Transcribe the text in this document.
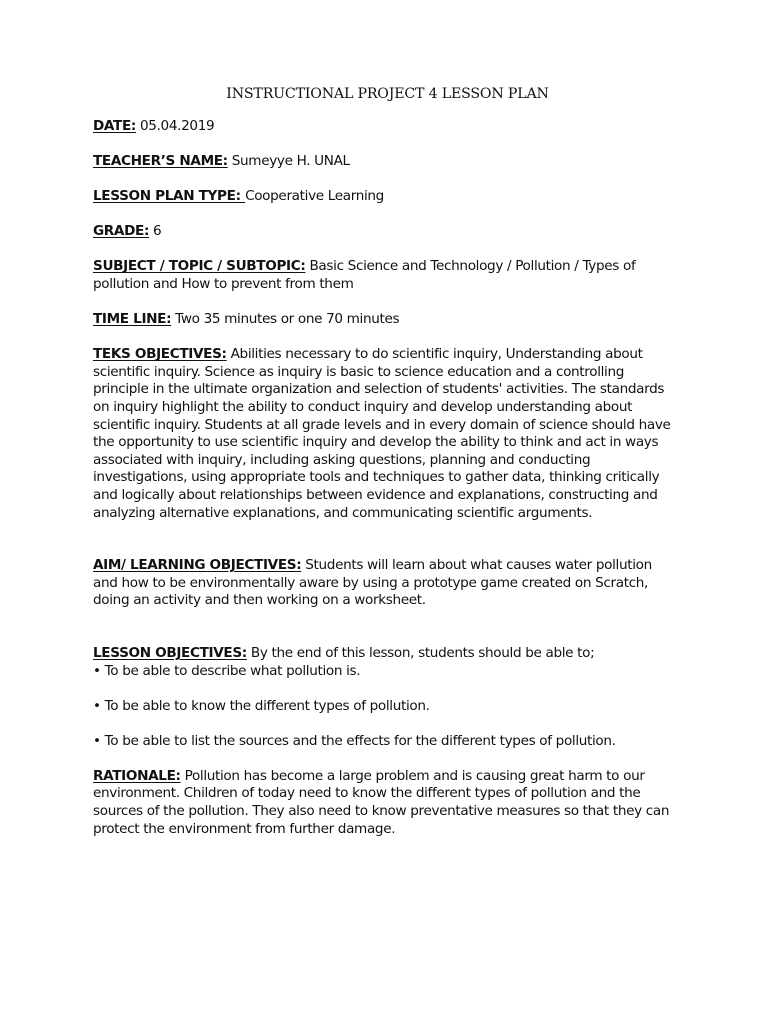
INSTRUCTIONAL PROJECT 4 LESSON PLAN
DATE: 05.04.2019
TEACHER’S NAME: Sumeyye H. UNAL
LESSON PLAN TYPE: Cooperative Learning
GRADE: 6
SUBJECT / TOPIC / SUBTOPIC: Basic Science and Technology / Pollution / Types of pollution and How to prevent from them
TIME LINE: Two 35 minutes or one 70 minutes
TEKS OBJECTIVES: Abilities necessary to do scientific inquiry, Understanding about scientific inquiry. Science as inquiry is basic to science education and a controlling principle in the ultimate organization and selection of students' activities. The standards on inquiry highlight the ability to conduct inquiry and develop understanding about scientific inquiry. Students at all grade levels and in every domain of science should have the opportunity to use scientific inquiry and develop the ability to think and act in ways associated with inquiry, including asking questions, planning and conducting investigations, using appropriate tools and techniques to gather data, thinking critically and logically about relationships between evidence and explanations, constructing and analyzing alternative explanations, and communicating scientific arguments.
AIM/ LEARNING OBJECTIVES: Students will learn about what causes water pollution and how to be environmentally aware by using a prototype game created on Scratch, doing an activity and then working on a worksheet.
LESSON OBJECTIVES: By the end of this lesson, students should be able to;
• To be able to describe what pollution is.
• To be able to know the different types of pollution.
• To be able to list the sources and the effects for the different types of pollution.
RATIONALE: Pollution has become a large problem and is causing great harm to our environment. Children of today need to know the different types of pollution and the sources of the pollution. They also need to know preventative measures so that they can protect the environment from further damage.
